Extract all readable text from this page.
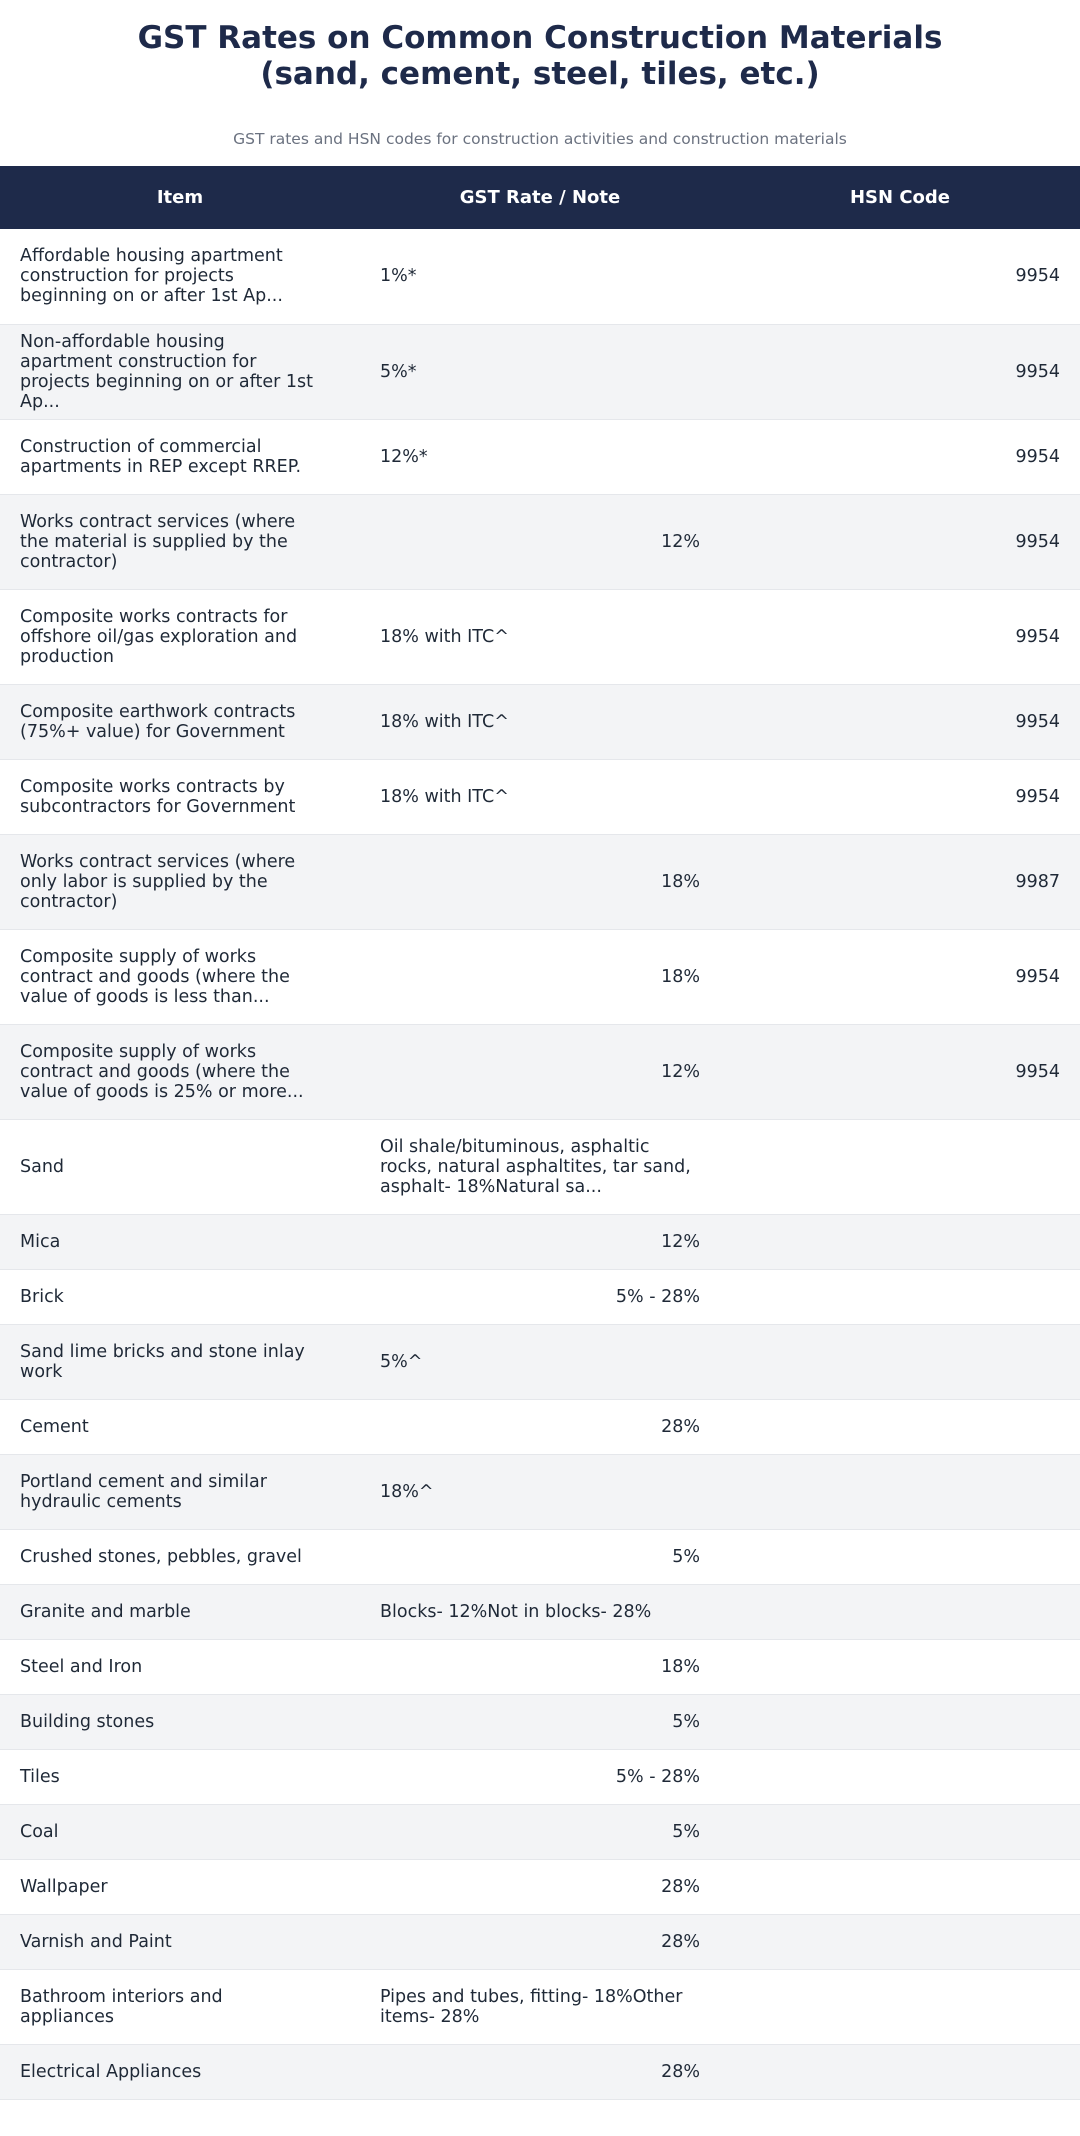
GST Rates on Common Construction Materials
(sand, cement, steel, tiles, etc.)
GST rates and HSN codes for construction activities and construction materials
Item	GST Rate / Note	HSN Code
Affordable housing apartment construction for projects beginning on or after 1st Ap...	1%*	9954
Non-affordable housing apartment construction for projects beginning on or after 1st Ap...	5%*	9954
Construction of commercial apartments in REP except RREP.	12%*	9954
Works contract services (where the material is supplied by the contractor)	12%	9954
Composite works contracts for offshore oil/gas exploration and production	18% with ITC^	9954
Composite earthwork contracts (75%+ value) for Government	18% with ITC^	9954
Composite works contracts by subcontractors for Government	18% with ITC^	9954
Works contract services (where only labor is supplied by the contractor)	18%	9987
Composite supply of works contract and goods (where the value of goods is less than...	18%	9954
Composite supply of works contract and goods (where the value of goods is 25% or more...	12%	9954
Sand	Oil shale/bituminous, asphaltic rocks, natural asphaltites, tar sand, asphalt- 18%Natural sa...	
Mica	12%	
Brick	5% - 28%	
Sand lime bricks and stone inlay work	5%^	
Cement	28%	
Portland cement and similar hydraulic cements	18%^	
Crushed stones, pebbles, gravel	5%	
Granite and marble	Blocks- 12%Not in blocks- 28%	
Steel and Iron	18%	
Building stones	5%	
Tiles	5% - 28%	
Coal	5%	
Wallpaper	28%	
Varnish and Paint	28%	
Bathroom interiors and appliances	Pipes and tubes, fitting- 18%Other items- 28%	
Electrical Appliances	28%	
